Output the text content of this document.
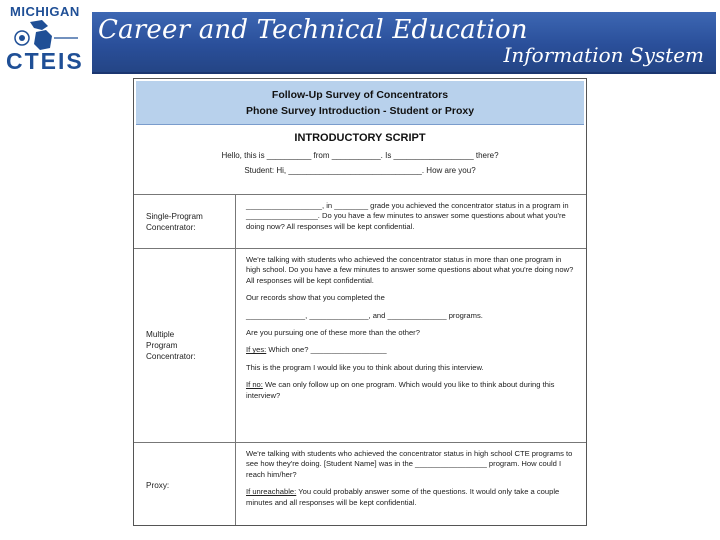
MICHIGAN
CTEIS
Career and Technical Education
Information System
Follow-Up Survey of Concentrators
Phone Survey Introduction - Student or Proxy
INTRODUCTORY SCRIPT
Hello, this is __________ from ___________. Is __________________ there?
Student: Hi, ______________________________. How are you?
Single-Program
Concentrator:

__________________, in ________ grade you achieved the concentrator status in a program in _________________. Do you have a few minutes to answer some questions about what you're doing now? All responses will be kept confidential.

Multiple
Program
Concentrator:

We're talking with students who achieved the concentrator status in more than one program in high school. Do you have a few minutes to answer some questions about what you're doing now? All responses will be kept confidential.

Our records show that you completed the

______________, ______________, and ______________ programs.

Are you pursuing one of these more than the other?

If yes: Which one? __________________

This is the program I would like you to think about during this interview.

If no: We can only follow up on one program. Which would you like to think about during this interview?

Proxy:

We're talking with students who achieved the concentrator status in high school CTE programs to see how they're doing. [Student Name] was in the _________________ program. How could I reach him/her?

If unreachable: You could probably answer some of the questions. It would only take a couple minutes and all responses will be kept confidential.
